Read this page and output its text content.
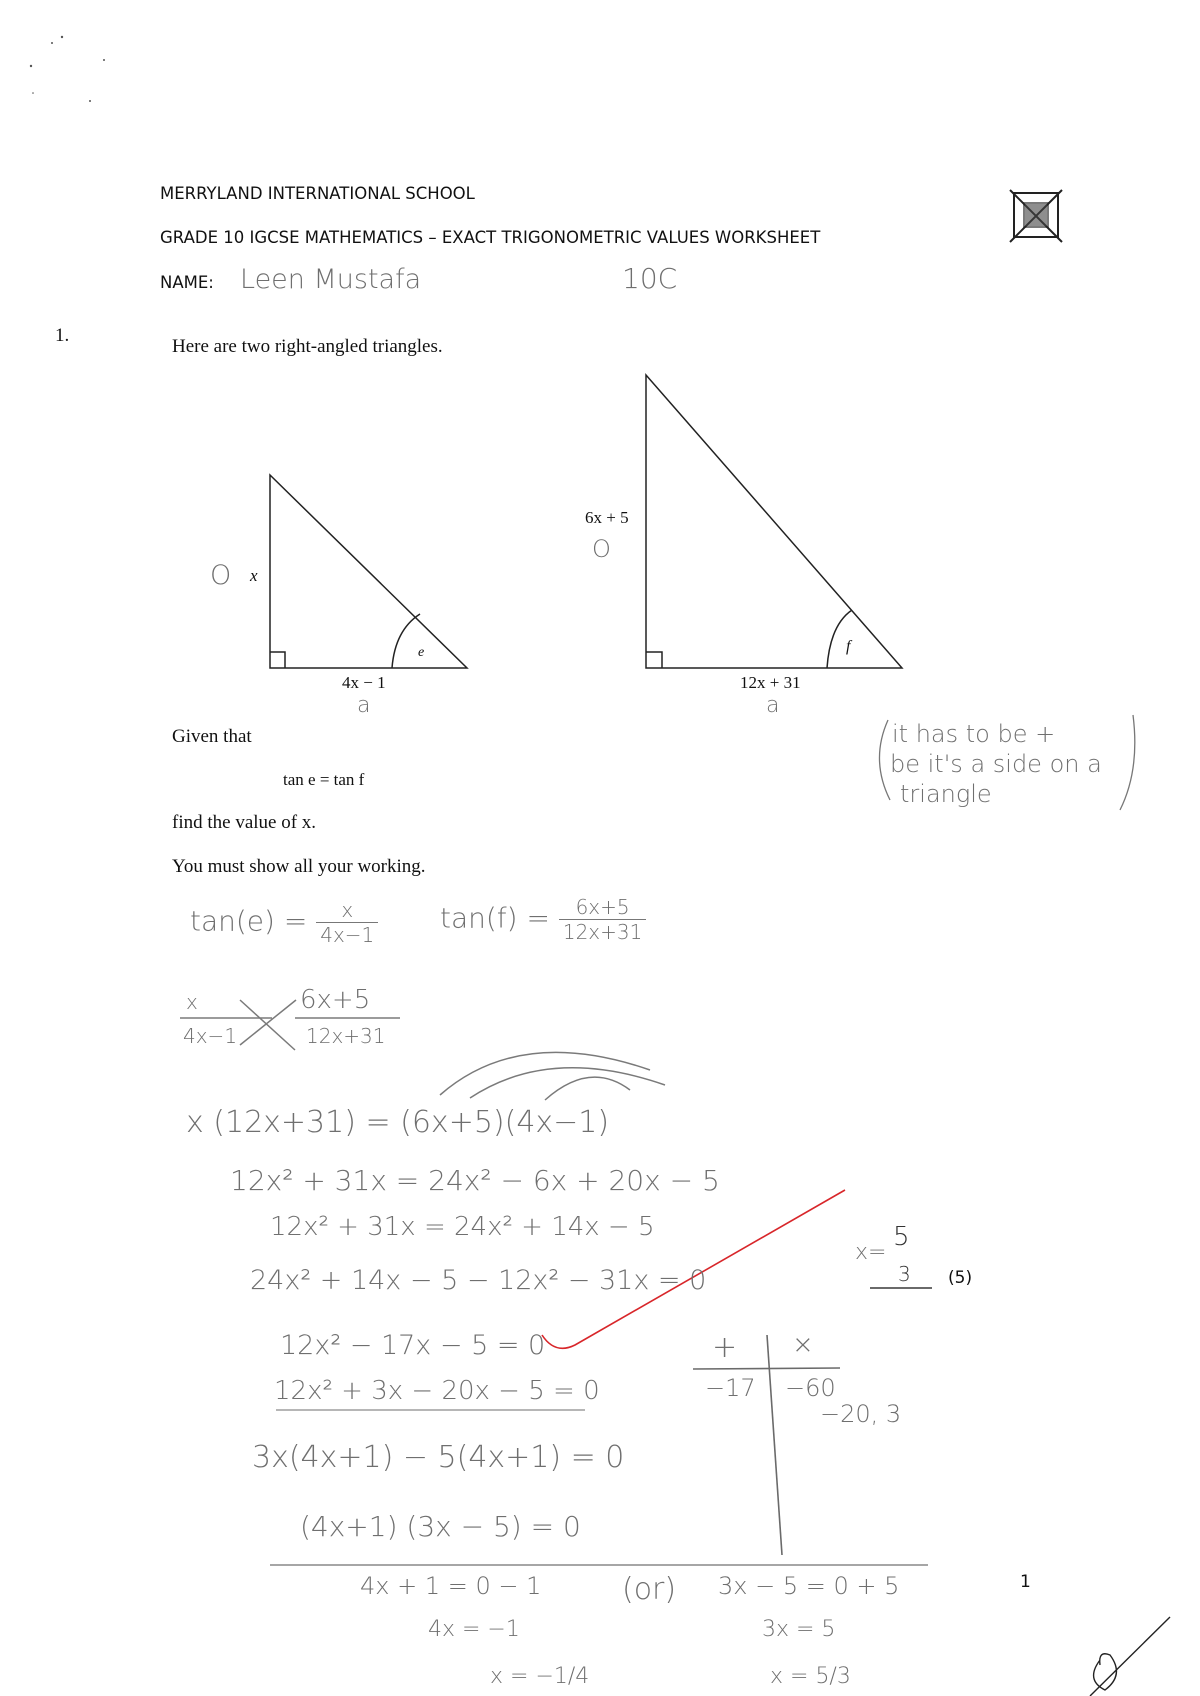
MERRYLAND INTERNATIONAL SCHOOL
GRADE 10 IGCSE MATHEMATICS – EXACT TRIGONOMETRIC VALUES WORKSHEET
NAME: Leen Mustafa	10C
1.
Here are two right-angled triangles.
x
O
e
4x − 1
a
6x + 5
O
f
12x + 31
a
Given that
tan e = tan f
find the value of x.
You must show all your working.
it has to be +
be it's a side on a
triangle
$\tan(e) = \frac{x}{4x-1} \tan(f) = \frac{6x+5}{12x+31}$
x
4x−1
6x+5
12x+31
x (12x+31) = (6x+5)(4x−1)
12x² + 31x = 24x² − 6x + 20x − 5
12x² + 31x = 24x² + 14x − 5
24x² + 14x − 5 − 12x² − 31x = 0
12x² − 17x − 5 = 0
12x² + 3x − 20x − 5 = 0
3x(4x+1) − 5(4x+1) = 0
(4x+1) (3x − 5) = 0
4x + 1 = 0 − 1	(or) 3x − 5 = 0 + 5
4x = −1	3x = 5
x = −1/4	x = 5/3
+ ×
−17 −60
−20, 3
x=
5
3 (5)
1
